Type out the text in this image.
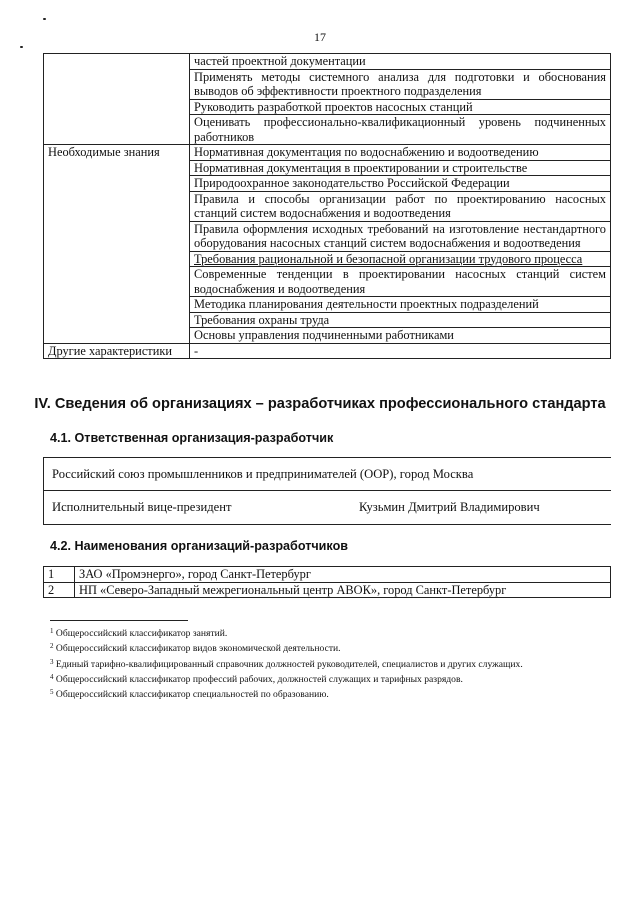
17
	частей проектной документации
	Применять методы системного анализа для подготовки и обоснования выводов об эффективности проектного подразделения
	Руководить разработкой проектов насосных станций
	Оценивать профессионально-квалификационный уровень подчиненных работников
Необходимые знания	Нормативная документация по водоснабжению и водоотведению
	Нормативная документация в проектировании и строительстве
	Природоохранное законодательство Российской Федерации
	Правила и способы организации работ по проектированию насосных станций систем водоснабжения и водоотведения
	Правила оформления исходных требований на изготовление нестандартного оборудования насосных станций систем водоснабжения и водоотведения
	Требования рациональной и безопасной организации трудового процесса
	Современные тенденции в проектировании насосных станций систем водоснабжения и водоотведения
	Методика планирования деятельности проектных подразделений
	Требования охраны труда
	Основы управления подчиненными работниками
Другие характеристики	-
IV. Сведения об организациях – разработчиках профессионального стандарта
4.1. Ответственная организация-разработчик
Российский союз промышленников и предпринимателей (ООР), город Москва
Исполнительный вице-президент	Кузьмин Дмитрий Владимирович
4.2. Наименования организаций-разработчиков
1	ЗАО «Промэнерго», город Санкт-Петербург
2	НП «Северо-Западный межрегиональный центр АВОК», город Санкт-Петербург
$^1$ Общероссийский классификатор занятий.
$^2$ Общероссийский классификатор видов экономической деятельности.
$^3$ Единый тарифно-квалифицированный справочник должностей руководителей, специалистов и других служащих.
$^4$ Общероссийский классификатор профессий рабочих, должностей служащих и тарифных разрядов.
$^5$ Общероссийский классификатор специальностей по образованию.
